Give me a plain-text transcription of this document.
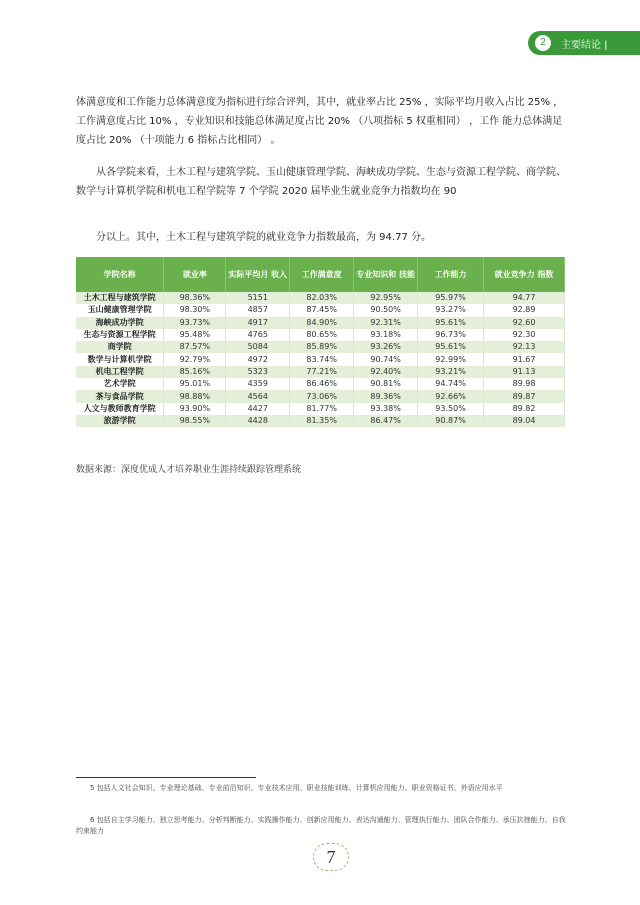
2	主要结论 |
体满意度和工作能力总体满意度为指标进行综合评判，其中，就业率占比 25% ，实际平均月收入占比 25% ，工作满意度占比 10% ，专业知识和技能总体满足度占比 20% （八项指标 5 权重相同） ，工作 能力总体满足度占比 20% （十项能力 6 指标占比相同） 。
从各学院来看，土木工程与建筑学院、玉山健康管理学院、海峡成功学院、生态与资源工程学院、商学院、数学与计算机学院和机电工程学院等 7 个学院 2020 届毕业生就业竞争力指数均在 90
分以上。其中，土木工程与建筑学院的就业竞争力指数最高，为 94.77 分。
学院名称	就业率	实际平均月 收入	工作满意度	专业知识和 技能	工作能力	就业竞争力 指数
土木工程与建筑学院	98.36%	5151	82.03%	92.95%	95.97%	94.77
玉山健康管理学院	98.30%	4857	87.45%	90.50%	93.27%	92.89
海峡成功学院	93.73%	4917	84.90%	92.31%	95.61%	92.60
生态与资源工程学院	95.48%	4765	80.65%	93.18%	96.73%	92.30
商学院	87.57%	5084	85.89%	93.26%	95.61%	92.13
数学与计算机学院	92.79%	4972	83.74%	90.74%	92.99%	91.67
机电工程学院	85.16%	5323	77.21%	92.40%	93.21%	91.13
艺术学院	95.01%	4359	86.46%	90.81%	94.74%	89.98
茶与食品学院	98.88%	4564	73.06%	89.36%	92.66%	89.87
人文与教师教育学院	93.90%	4427	81.77%	93.38%	93.50%	89.82
旅游学院	98.55%	4428	81.35%	86.47%	90.87%	89.04
数据来源：深度优成人才培养职业生涯持续跟踪管理系统
5 包括人文社会知识、专业理论基础、专业前沿知识、专业技术应用、职业技能训练、计算机应用能力、职业资格证书、外语应用水平
6 包括自主学习能力、独立思考能力、分析判断能力、实践操作能力、创新应用能力、表达沟通能力、管理执行能力、团队合作能力、承压抗挫能力、自我约束能力
7
